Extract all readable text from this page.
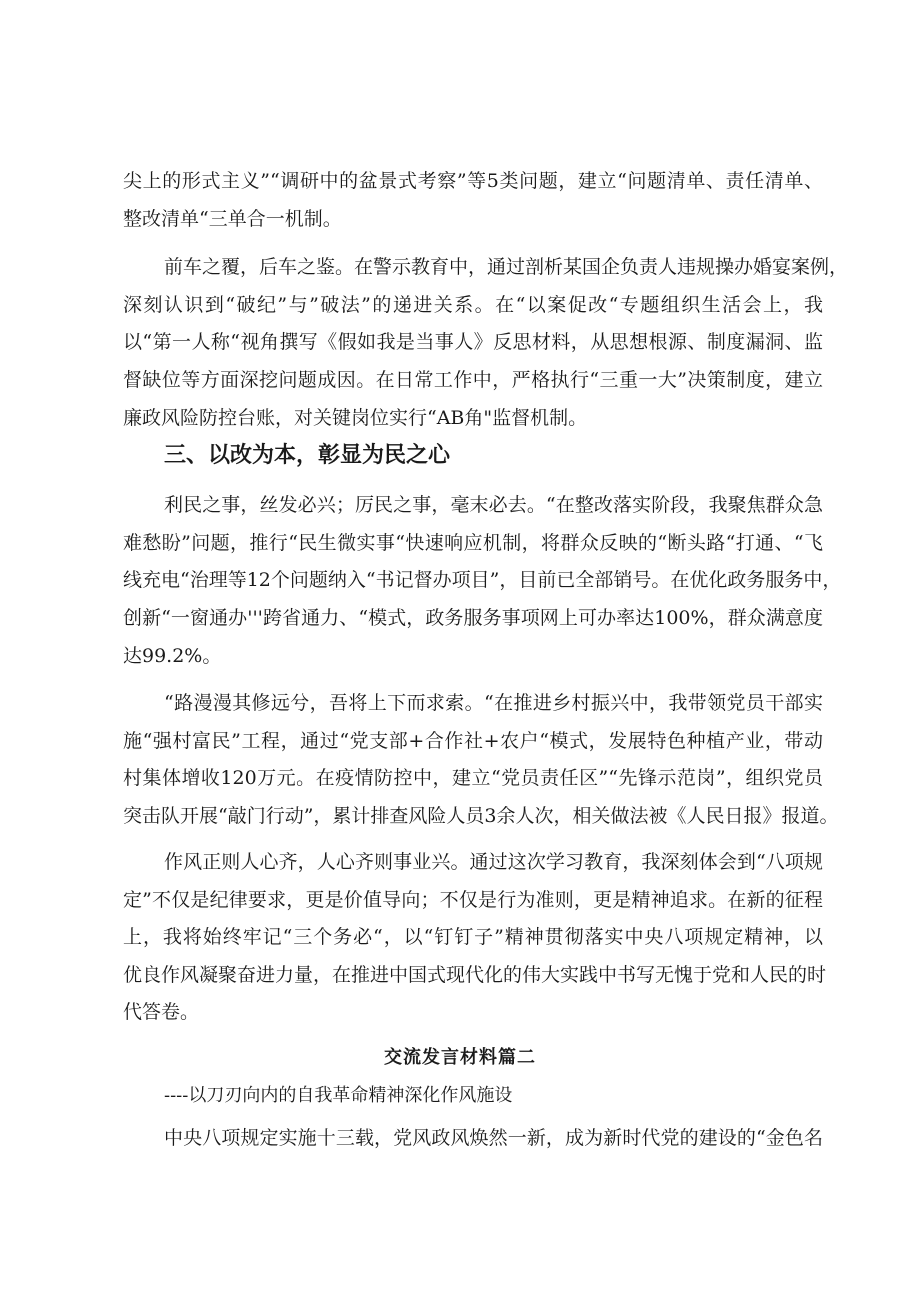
尖上的形式主义”“调研中的盆景式考察”等5类问题，建立“问题清单、责任清单、

整改清单“三单合一机制。

前车之覆，后车之鉴。在警示教育中，通过剖析某国企负责人违规操办婚宴案例，

深刻认识到“破纪”与”破法”的递进关系。在“以案促改“专题组织生活会上，我

以“第一人称“视角撰写《假如我是当事人》反思材料，从思想根源、制度漏洞、监

督缺位等方面深挖问题成因。在日常工作中，严格执行“三重一大”决策制度，建立

廉政风险防控台账，对关键岗位实行“AB角"监督机制。

三、以改为本，彰显为民之心

利民之事，丝发必兴；厉民之事，毫末必去。“在整改落实阶段，我聚焦群众急

难愁盼”问题，推行“民生微实事“快速响应机制，将群众反映的“断头路“打通、“飞

线充电“治理等12个问题纳入“书记督办项目”，目前已全部销号。在优化政务服务中，

创新“一窗通办'''跨省通力、“模式，政务服务事项网上可办率达100%，群众满意度

达99.2%。

“路漫漫其修远兮，吾将上下而求索。“在推进乡村振兴中，我带领党员干部实

施“强村富民”工程，通过“党支部+合作社+农户“模式，发展特色种植产业，带动

村集体增收120万元。在疫情防控中，建立“党员责任区”“先锋示范岗”，组织党员

突击队开展“敲门行动”，累计排查风险人员3余人次，相关做法被《人民日报》报道。

作风正则人心齐，人心齐则事业兴。通过这次学习教育，我深刻体会到“八项规

定”不仅是纪律要求，更是价值导向；不仅是行为准则，更是精神追求。在新的征程

上，我将始终牢记“三个务必“，以“钉钉子”精神贯彻落实中央八项规定精神，以

优良作风凝聚奋进力量，在推进中国式现代化的伟大实践中书写无愧于党和人民的时

代答卷。

交流发言材料篇二

----以刀刃向内的自我革命精神深化作风施设

中央八项规定实施十三载，党风政风焕然一新，成为新时代党的建设的“金色名
